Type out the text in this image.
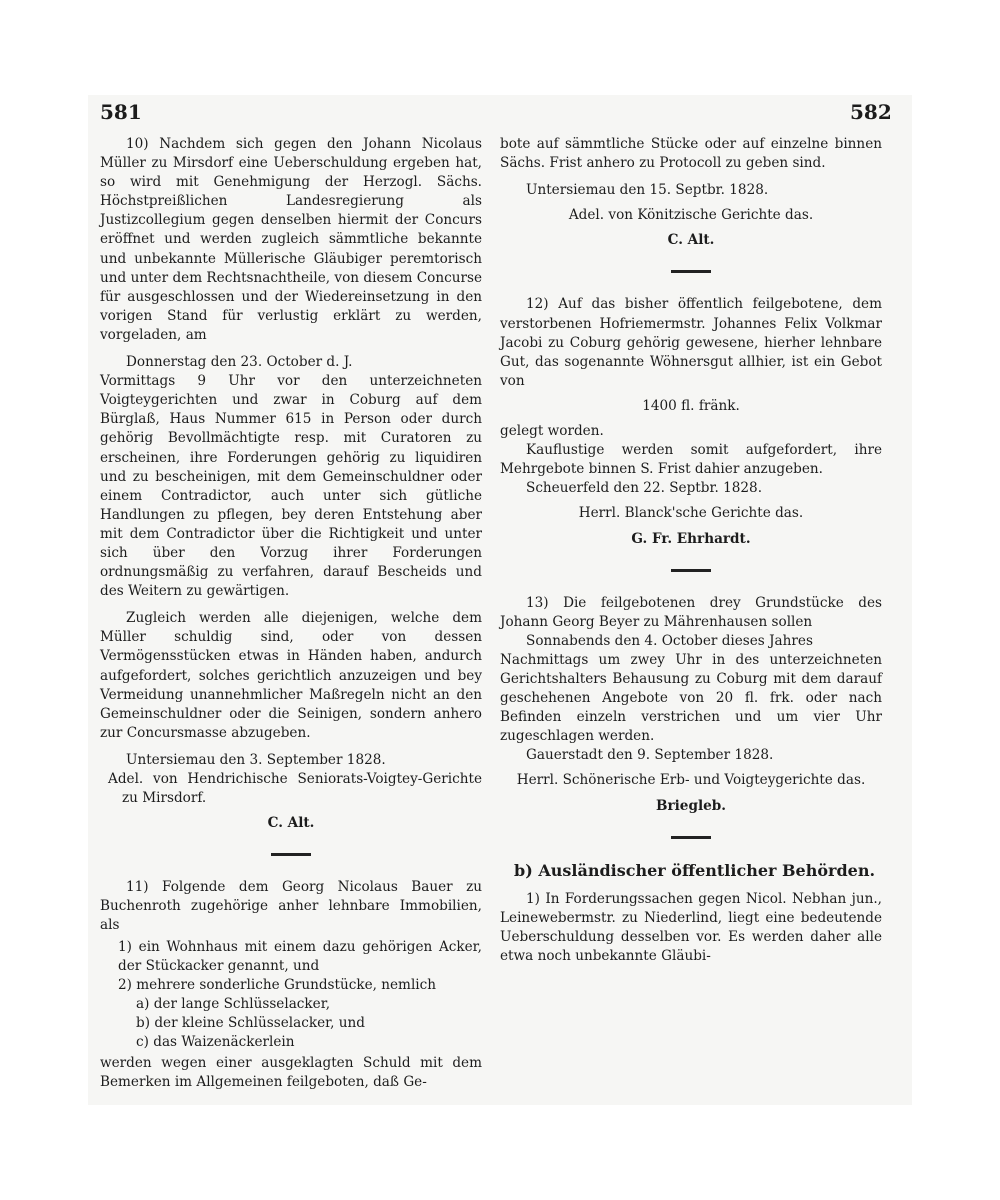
581	582

10) Nachdem sich gegen den Johann Nicolaus Müller zu Mirsdorf eine Ueberschuldung ergeben hat, so wird mit Genehmigung der Herzogl. Sächs. Höchstpreißlichen Landesregierung als Justizcollegium gegen denselben hiermit der Concurs eröffnet und werden zugleich sämmtliche bekannte und unbekannte Müllerische Gläubiger peremtorisch und unter dem Rechtsnachtheile, von diesem Concurse für ausgeschlossen und der Wiedereinsetzung in den vorigen Stand für verlustig erklärt zu werden, vorgeladen, am

Donnerstag den 23. October d. J.

Vormittags 9 Uhr vor den unterzeichneten Voigteygerichten und zwar in Coburg auf dem Bürglaß, Haus Nummer 615 in Person oder durch gehörig Bevollmächtigte resp. mit Curatoren zu erscheinen, ihre Forderungen gehörig zu liquidiren und zu bescheinigen, mit dem Gemeinschuldner oder einem Contradictor, auch unter sich gütliche Handlungen zu pflegen, bey deren Entstehung aber mit dem Contradictor über die Richtigkeit und unter sich über den Vorzug ihrer Forderungen ordnungsmäßig zu verfahren, darauf Bescheids und des Weitern zu gewärtigen.

Zugleich werden alle diejenigen, welche dem Müller schuldig sind, oder von dessen Vermögensstücken etwas in Händen haben, andurch aufgefordert, solches gerichtlich anzuzeigen und bey Vermeidung unannehmlicher Maßregeln nicht an den Gemeinschuldner oder die Seinigen, sondern anhero zur Concursmasse abzugeben.

Untersiemau den 3. September 1828.

Adel. von Hendrichische Seniorats-Voigtey-Gerichte zu Mirsdorf.

C. Alt.

11) Folgende dem Georg Nicolaus Bauer zu Buchenroth zugehörige anher lehnbare Immobilien, als

1) ein Wohnhaus mit einem dazu gehörigen Acker, der Stückacker genannt, und

2) mehrere sonderliche Grundstücke, nemlich

a) der lange Schlüsselacker,

b) der kleine Schlüsselacker, und

c) das Waizenäckerlein

werden wegen einer ausgeklagten Schuld mit dem Bemerken im Allgemeinen feilgeboten, daß Ge-

bote auf sämmtliche Stücke oder auf einzelne binnen Sächs. Frist anhero zu Protocoll zu geben sind.

Untersiemau den 15. Septbr. 1828.

Adel. von Könitzische Gerichte das.

C. Alt.

12) Auf das bisher öffentlich feilgebotene, dem verstorbenen Hofriemermstr. Johannes Felix Volkmar Jacobi zu Coburg gehörig gewesene, hierher lehnbare Gut, das sogenannte Wöhnersgut allhier, ist ein Gebot von

1400 fl. fränk.

gelegt worden.

Kauflustige werden somit aufgefordert, ihre Mehrgebote binnen S. Frist dahier anzugeben.

Scheuerfeld den 22. Septbr. 1828.

Herrl. Blanck'sche Gerichte das.

G. Fr. Ehrhardt.

13) Die feilgebotenen drey Grundstücke des Johann Georg Beyer zu Mährenhausen sollen

Sonnabends den 4. October dieses Jahres

Nachmittags um zwey Uhr in des unterzeichneten Gerichtshalters Behausung zu Coburg mit dem darauf geschehenen Angebote von 20 fl. frk. oder nach Befinden einzeln verstrichen und um vier Uhr zugeschlagen werden.

Gauerstadt den 9. September 1828.

Herrl. Schönerische Erb- und Voigteygerichte das.

Briegleb.

b) Ausländischer öffentlicher Behörden.

1) In Forderungssachen gegen Nicol. Nebhan jun., Leinewebermstr. zu Niederlind, liegt eine bedeutende Ueberschuldung desselben vor. Es werden daher alle etwa noch unbekannte Gläubi-
